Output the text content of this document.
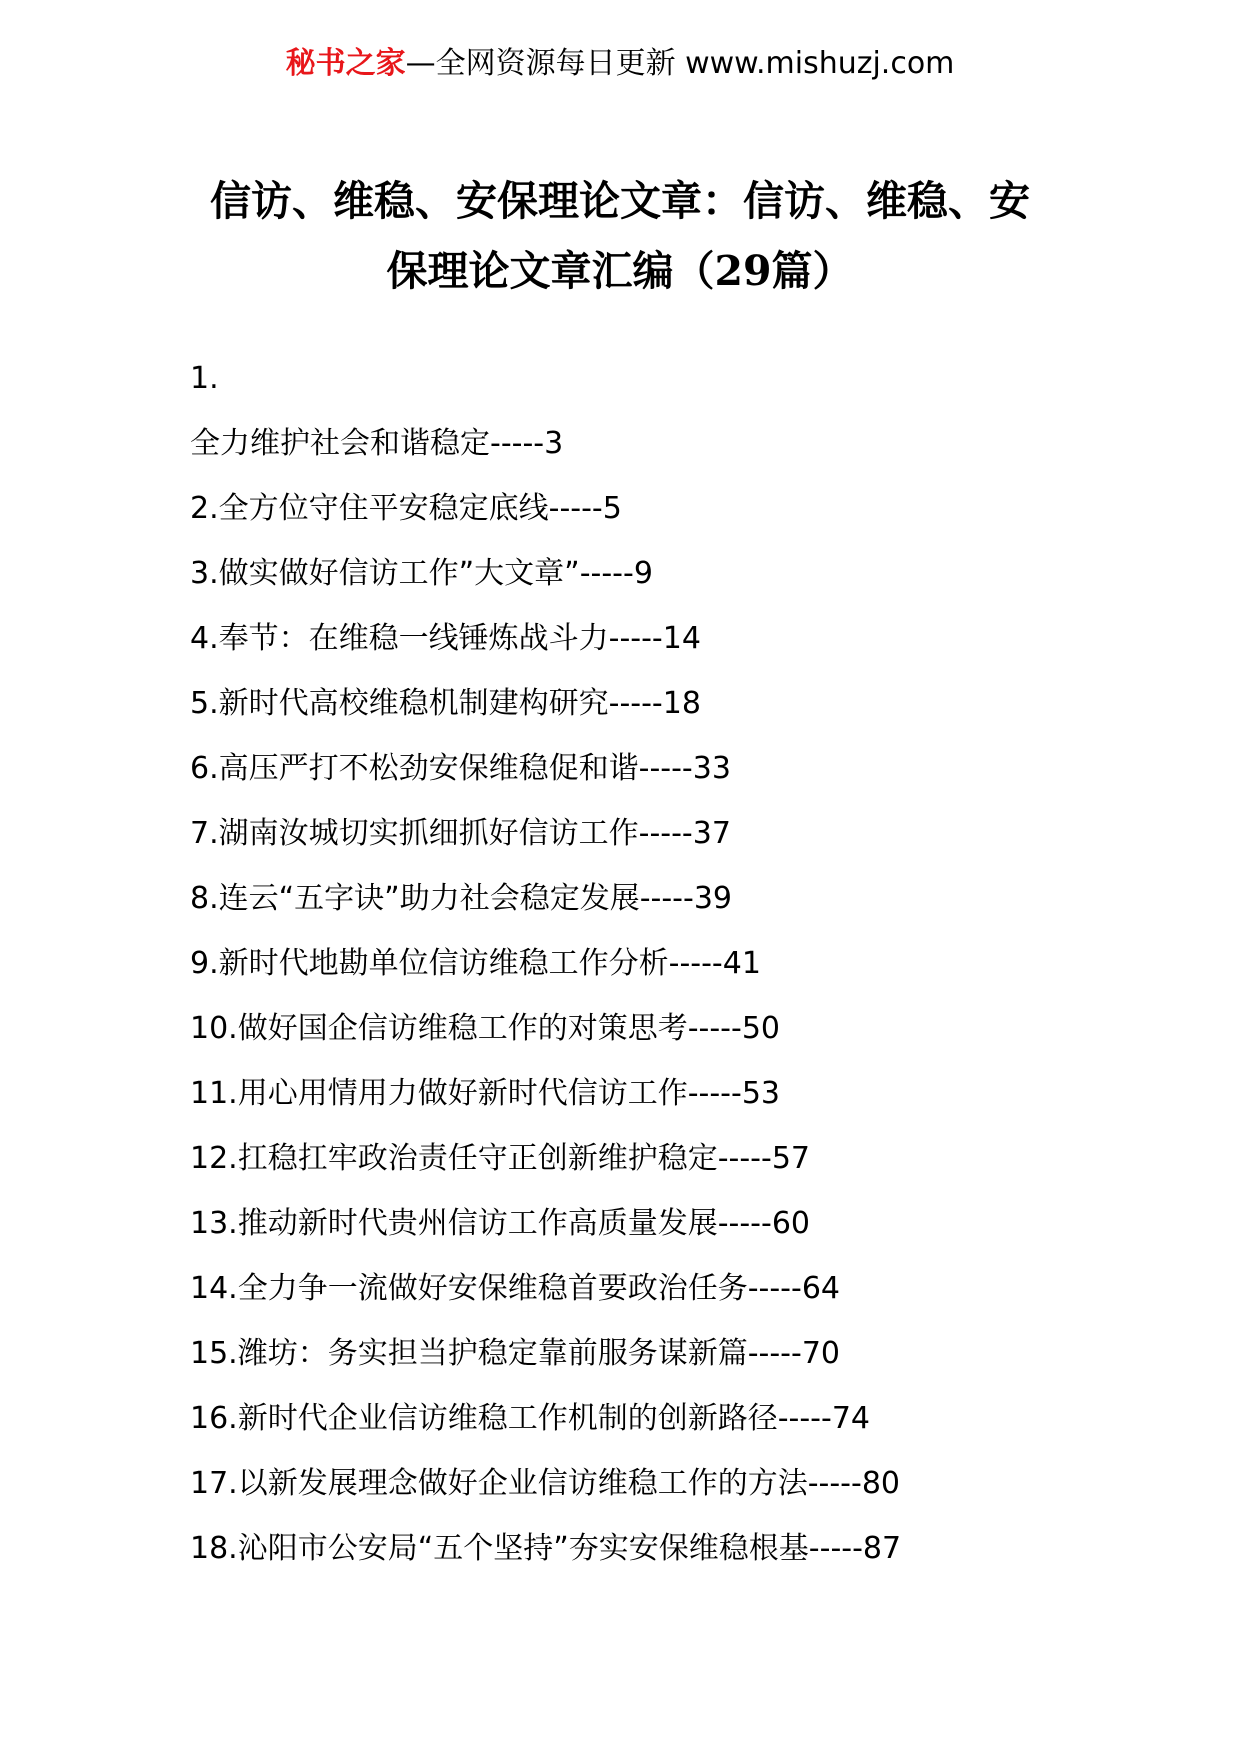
秘书之家—全网资源每日更新 www.mishuzj.com
信访、维稳、安保理论文章：信访、维稳、安保理论文章汇编（29篇）
1.
全力维护社会和谐稳定-----3
2.全方位守住平安稳定底线-----5
3.做实做好信访工作”大文章”-----9
4.奉节：在维稳一线锤炼战斗力-----14
5.新时代高校维稳机制建构研究-----18
6.高压严打不松劲安保维稳促和谐-----33
7.湖南汝城切实抓细抓好信访工作-----37
8.连云“五字诀”助力社会稳定发展-----39
9.新时代地勘单位信访维稳工作分析-----41
10.做好国企信访维稳工作的对策思考-----50
11.用心用情用力做好新时代信访工作-----53
12.扛稳扛牢政治责任守正创新维护稳定-----57
13.推动新时代贵州信访工作高质量发展-----60
14.全力争一流做好安保维稳首要政治任务-----64
15.潍坊：务实担当护稳定靠前服务谋新篇-----70
16.新时代企业信访维稳工作机制的创新路径-----74
17.以新发展理念做好企业信访维稳工作的方法-----80
18.沁阳市公安局“五个坚持”夯实安保维稳根基-----87
